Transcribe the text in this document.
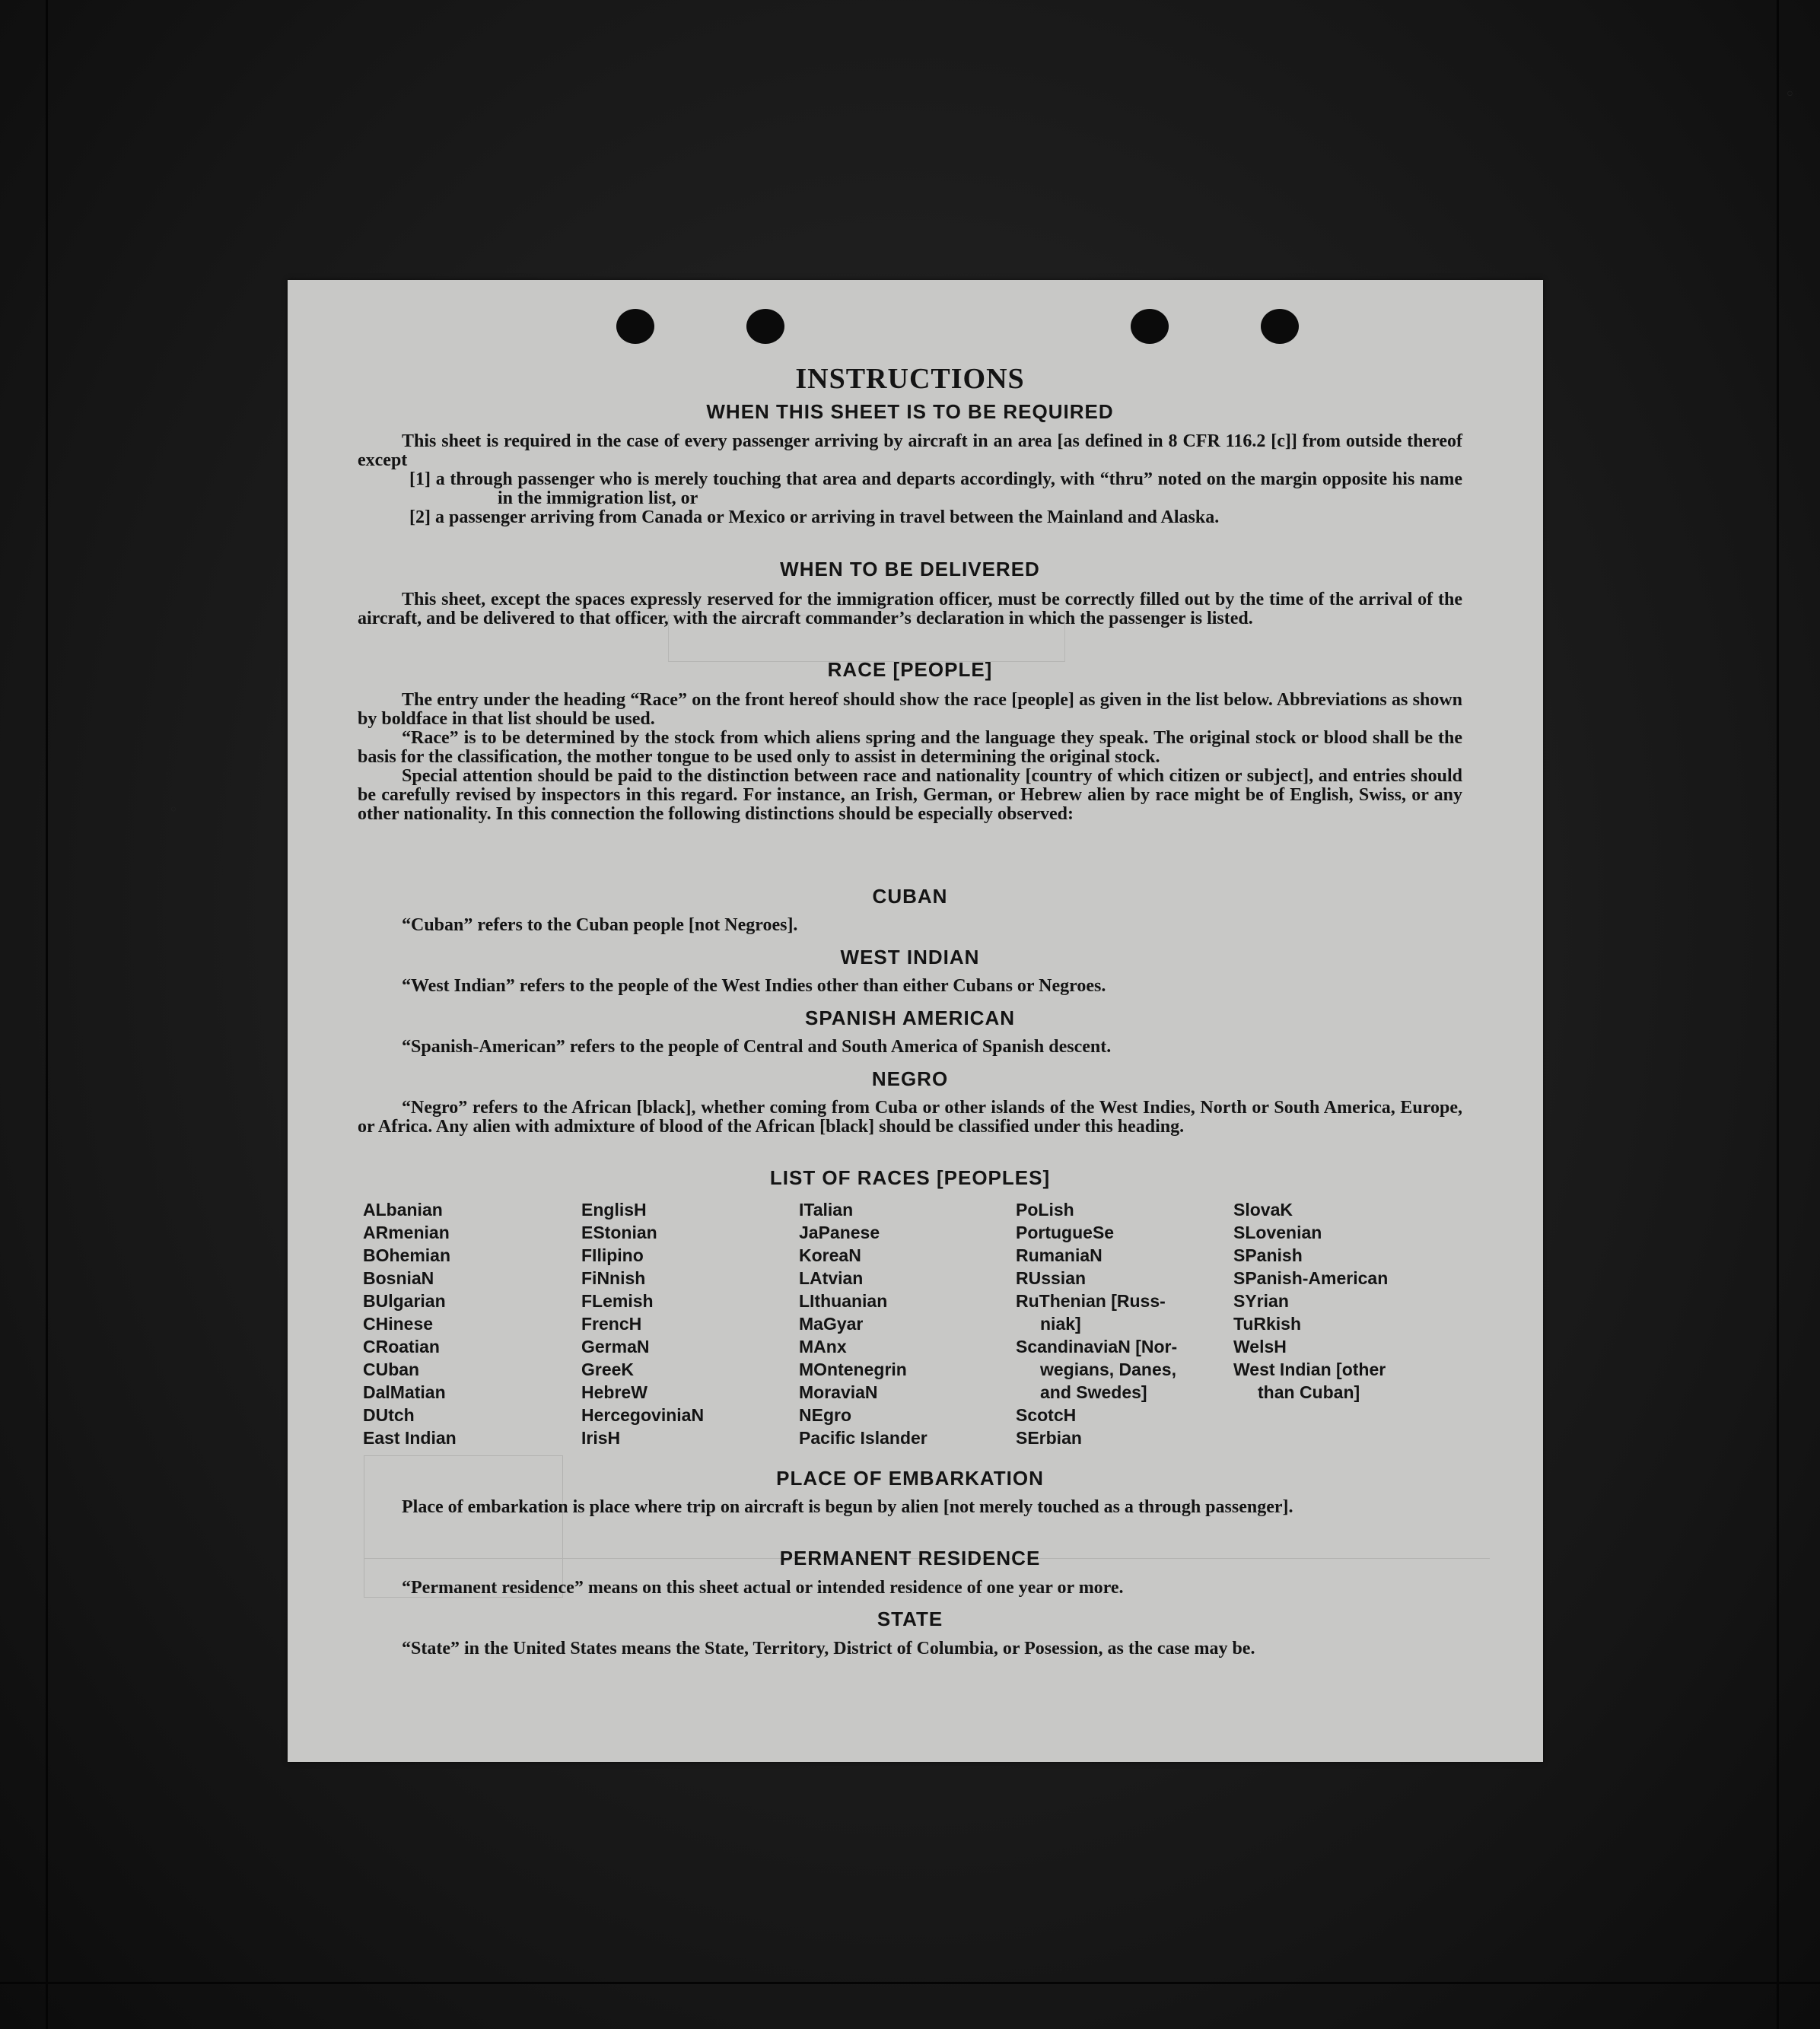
◦
◦
INSTRUCTIONS
WHEN THIS SHEET IS TO BE REQUIRED
This sheet is required in the case of every passenger arriving by aircraft in an area [as defined in 8 CFR 116.2 [c]] from outside thereof except
[1] a through passenger who is merely touching that area and departs accordingly, with “thru” noted on the margin opposite his name in the immigration list, or
[2] a passenger arriving from Canada or Mexico or arriving in travel between the Mainland and Alaska.
WHEN TO BE DELIVERED
This sheet, except the spaces expressly reserved for the immigration officer, must be correctly filled out by the time of the arrival of the aircraft, and be delivered to that officer, with the aircraft commander’s declaration in which the passenger is listed.
RACE [PEOPLE]
The entry under the heading “Race” on the front hereof should show the race [people] as given in the list below. Abbreviations as shown by boldface in that list should be used.
“Race” is to be determined by the stock from which aliens spring and the language they speak. The original stock or blood shall be the basis for the classification, the mother tongue to be used only to assist in determining the original stock.
Special attention should be paid to the distinction between race and nationality [country of which citizen or subject], and entries should be carefully revised by inspectors in this regard. For instance, an Irish, German, or Hebrew alien by race might be of English, Swiss, or any other nationality. In this connection the following distinctions should be especially observed:
CUBAN
“Cuban” refers to the Cuban people [not Negroes].
WEST INDIAN
“West Indian” refers to the people of the West Indies other than either Cubans or Negroes.
SPANISH AMERICAN
“Spanish-American” refers to the people of Central and South America of Spanish descent.
NEGRO
“Negro” refers to the African [black], whether coming from Cuba or other islands of the West Indies, North or South America, Europe, or Africa. Any alien with admixture of blood of the African [black] should be classified under this heading.
LIST OF RACES [PEOPLES]
ALbanian
ARmenian
BOhemian
BosniaN
BUlgarian
CHinese
CRoatian
CUban
DalMatian
DUtch
East Indian
EnglisH
EStonian
FIlipino
FiNnish
FLemish
FrencH
GermaN
GreeK
HebreW
HercegoviniaN
IrisH
ITalian
JaPanese
KoreaN
LAtvian
LIthuanian
MaGyar
MAnx
MOntenegrin
MoraviaN
NEgro
Pacific Islander
PoLish
PortugueSe
RumaniaN
RUssian
RuThenian [Russ-
niak]
ScandinaviaN [Nor-
wegians, Danes,
and Swedes]
ScotcH
SErbian
SlovaK
SLovenian
SPanish
SPanish-American
SYrian
TuRkish
WelsH
West Indian [other
than Cuban]
PLACE OF EMBARKATION
Place of embarkation is place where trip on aircraft is begun by alien [not merely touched as a through passenger].
PERMANENT RESIDENCE
“Permanent residence” means on this sheet actual or intended residence of one year or more.
STATE
“State” in the United States means the State, Territory, District of Columbia, or Posession, as the case may be.
